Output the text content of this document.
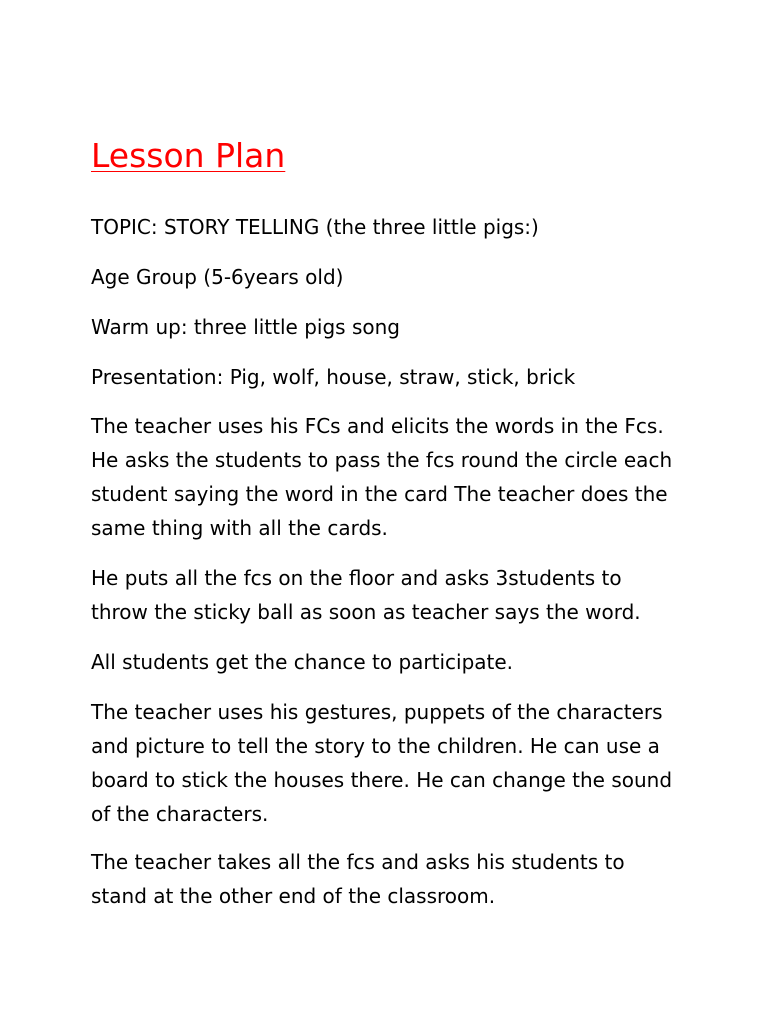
Lesson Plan

TOPIC: STORY TELLING (the three little pigs:)

Age Group (5-6years old)

Warm up: three little pigs song

Presentation: Pig, wolf, house, straw, stick, brick

The teacher uses his FCs and elicits the words in the Fcs.
He asks the students to pass the fcs round the circle each
student saying the word in the card The teacher does the
same thing with all the cards.

He puts all the fcs on the floor and asks 3students to
throw the sticky ball as soon as teacher says the word.

All students get the chance to participate.

The teacher uses his gestures, puppets of the characters
and picture to tell the story to the children. He can use a
board to stick the houses there. He can change the sound
of the characters.

The teacher takes all the fcs and asks his students to
stand at the other end of the classroom.
